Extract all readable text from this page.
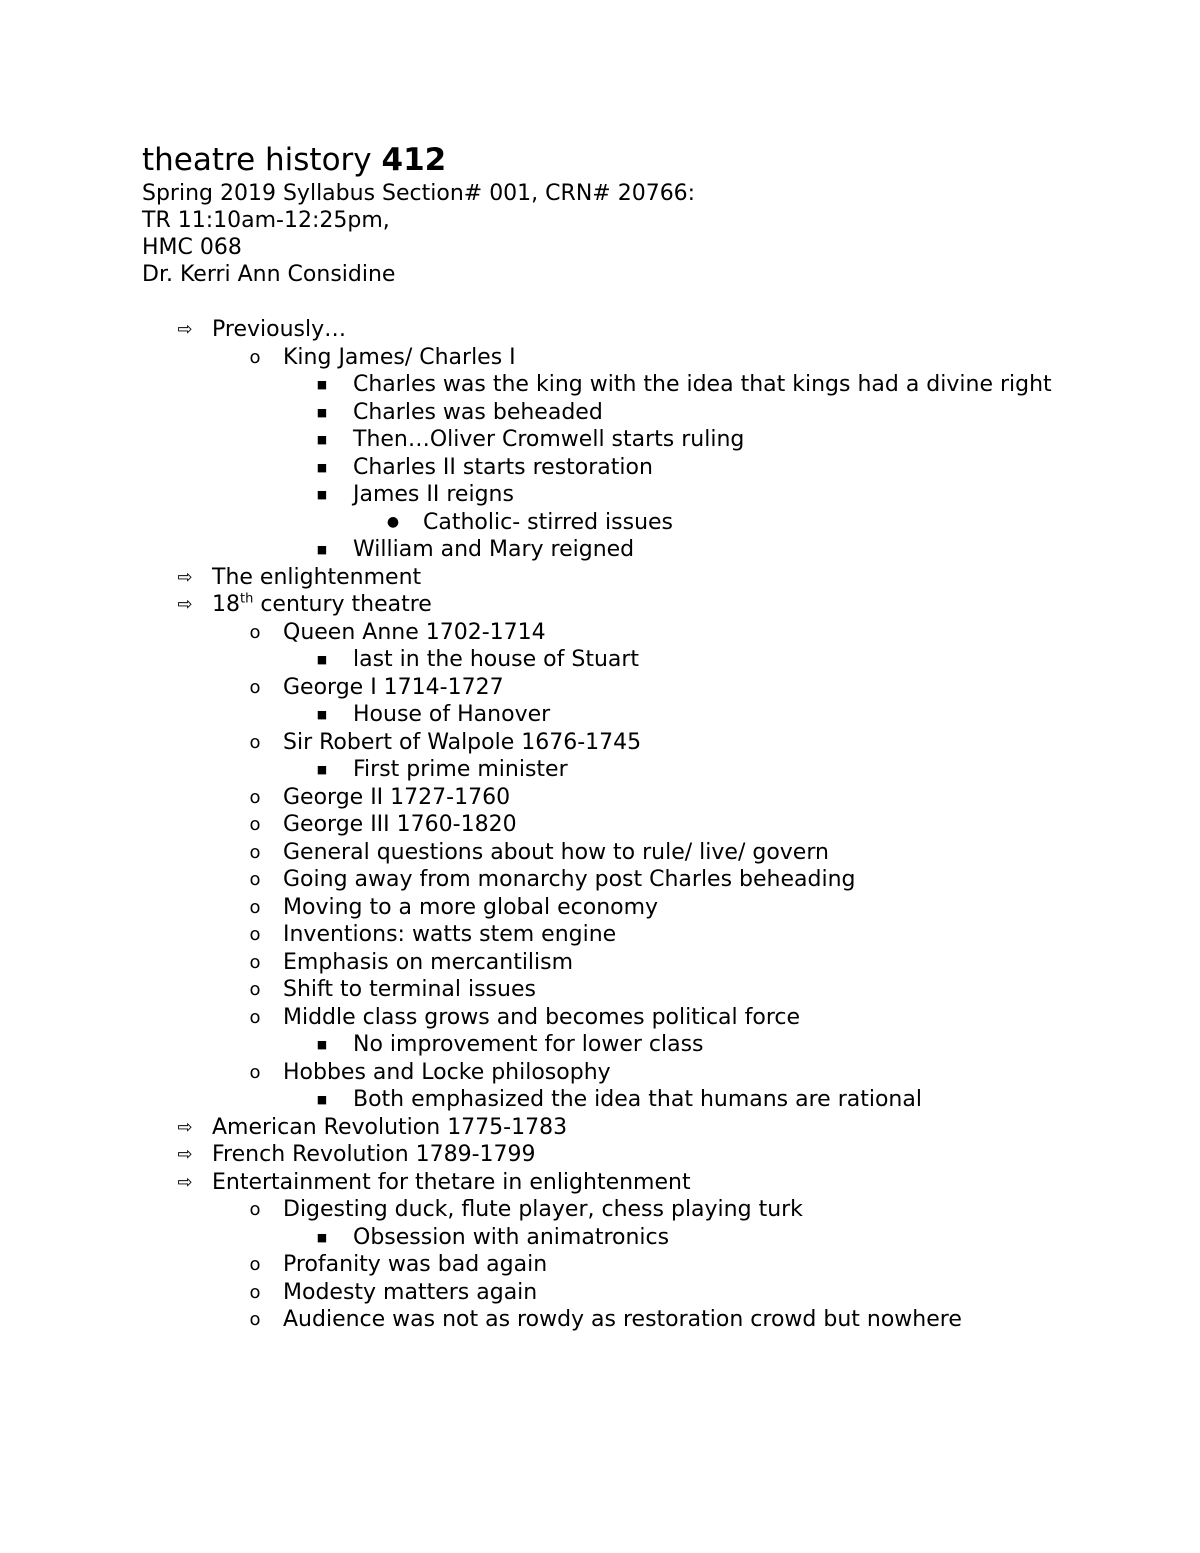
theatre history 412
Spring 2019 Syllabus Section# 001, CRN# 20766:
TR 11:10am-12:25pm,
HMC 068
Dr. Kerri Ann Considine
⇨ Previously…
o	King James/ Charles I
■	Charles was the king with the idea that kings had a divine right
■	Charles was beheaded
■	Then…Oliver Cromwell starts ruling
■	Charles II starts restoration
■	James II reigns
●	Catholic- stirred issues
■	William and Mary reigned
⇨ The enlightenment
⇨ 18th century theatre
o	Queen Anne 1702-1714
■	last in the house of Stuart
o	George I 1714-1727
■	House of Hanover
o	Sir Robert of Walpole 1676-1745
■	First prime minister
o	George II 1727-1760
o	George III 1760-1820
o	General questions about how to rule/ live/ govern
o	Going away from monarchy post Charles beheading
o	Moving to a more global economy
o	Inventions: watts stem engine
o	Emphasis on mercantilism
o	Shift to terminal issues
o	Middle class grows and becomes political force
■	No improvement for lower class
o	Hobbes and Locke philosophy
■	Both emphasized the idea that humans are rational
⇨ American Revolution 1775-1783
⇨ French Revolution 1789-1799
⇨ Entertainment for thetare in enlightenment
o	Digesting duck, flute player, chess playing turk
■	Obsession with animatronics
o	Profanity was bad again
o	Modesty matters again
o	Audience was not as rowdy as restoration crowd but nowhere
